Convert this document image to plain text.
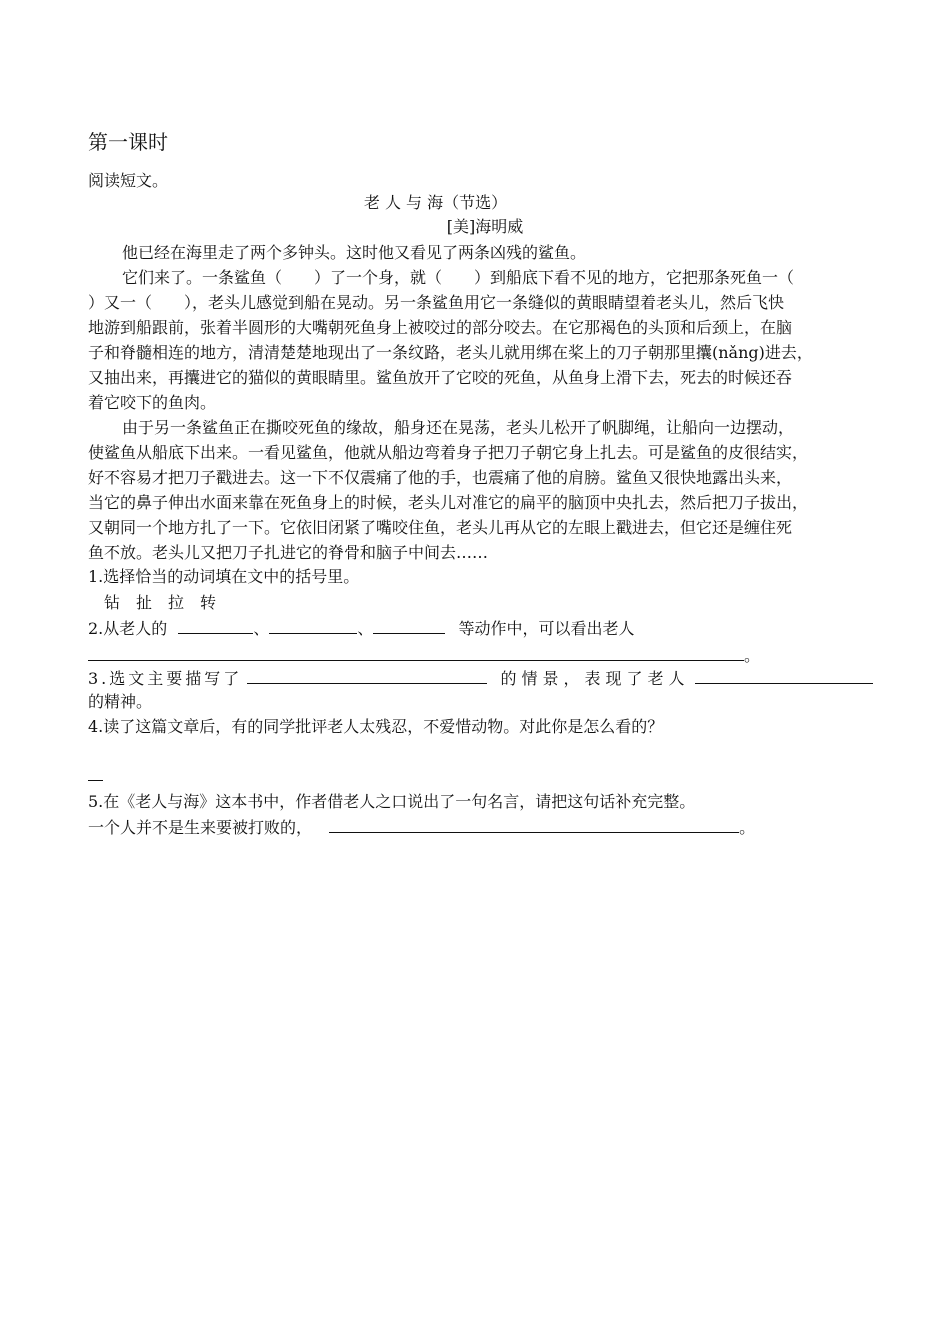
第一课时
阅读短文。
老 人 与 海（节选）
[美]海明威
他已经在海里走了两个多钟头。这时他又看见了两条凶残的鲨鱼。
它们来了。一条鲨鱼（　　）了一个身，就（　　）到船底下看不见的地方，它把那条死鱼一（
）又一（　　），老头儿感觉到船在晃动。另一条鲨鱼用它一条缝似的黄眼睛望着老头儿，然后飞快
地游到船跟前，张着半圆形的大嘴朝死鱼身上被咬过的部分咬去。在它那褐色的头顶和后颈上，在脑
子和脊髓相连的地方，清清楚楚地现出了一条纹路，老头儿就用绑在桨上的刀子朝那里攮(nǎng)进去，
又抽出来，再攮进它的猫似的黄眼睛里。鲨鱼放开了它咬的死鱼，从鱼身上滑下去，死去的时候还吞
着它咬下的鱼肉。
由于另一条鲨鱼正在撕咬死鱼的缘故，船身还在晃荡，老头儿松开了帆脚绳，让船向一边摆动，
使鲨鱼从船底下出来。一看见鲨鱼，他就从船边弯着身子把刀子朝它身上扎去。可是鲨鱼的皮很结实，
好不容易才把刀子戳进去。这一下不仅震痛了他的手，也震痛了他的肩膀。鲨鱼又很快地露出头来，
当它的鼻子伸出水面来靠在死鱼身上的时候，老头儿对准它的扁平的脑顶中央扎去，然后把刀子拔出，
又朝同一个地方扎了一下。它依旧闭紧了嘴咬住鱼，老头儿再从它的左眼上戳进去，但它还是缠住死
鱼不放。老头儿又把刀子扎进它的脊骨和脑子中间去……
1.选择恰当的动词填在文中的括号里。
钻　扯　拉　转
2.从老人的	、	、	等动作中，可以看出老人
。
3.选文主要描写了	的情景，表现了老人
的精神。
4.读了这篇文章后，有的同学批评老人太残忍，不爱惜动物。对此你是怎么看的？
5.在《老人与海》这本书中，作者借老人之口说出了一句名言，请把这句话补充完整。
一个人并不是生来要被打败的，	。
